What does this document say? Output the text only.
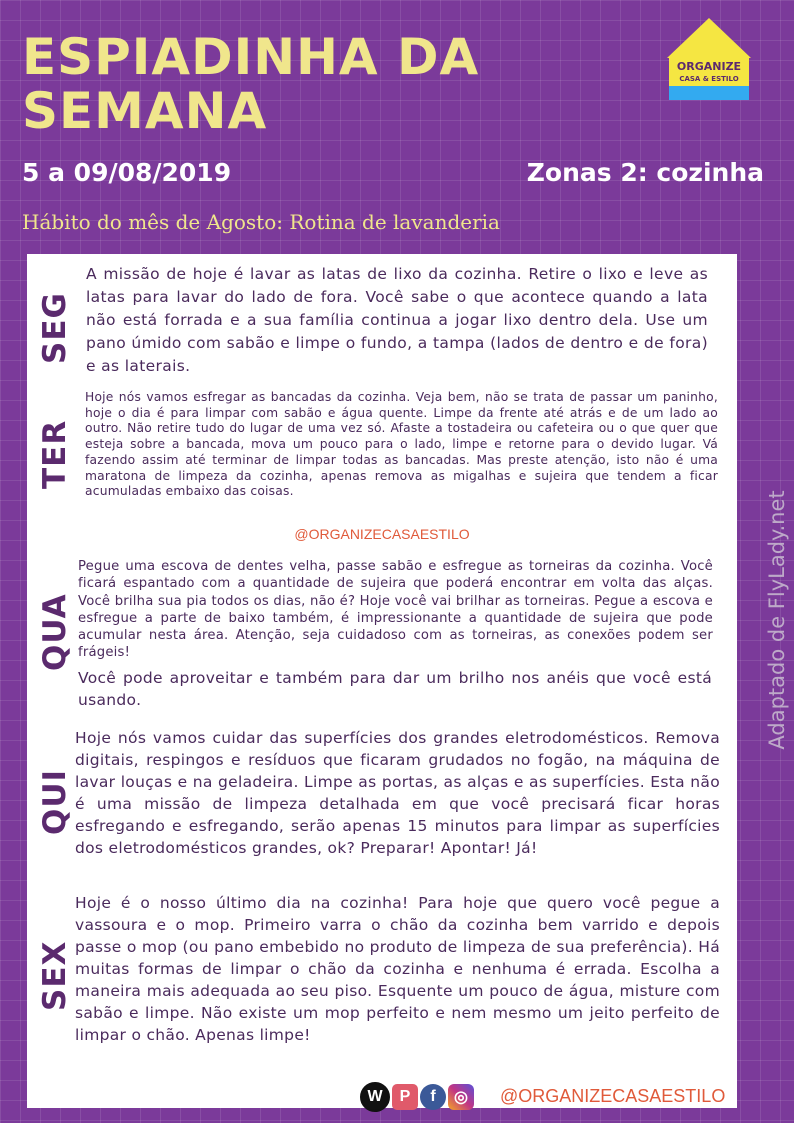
ESPIADINHA DA
SEMANA
ORGANIZE
CASA & ESTILO
5 a 09/08/2019	Zonas 2: cozinha
Hábito do mês de Agosto: Rotina de lavanderia
Adaptado de FlyLady.net
SEG

A missão de hoje é lavar as latas de lixo da cozinha. Retire o lixo e leve as latas para lavar do lado de fora. Você sabe o que acontece quando a lata não está forrada e a sua família continua a jogar lixo dentro dela. Use um pano úmido com sabão e limpe o fundo, a tampa (lados de dentro e de fora) e as laterais.

TER

Hoje nós vamos esfregar as bancadas da cozinha. Veja bem, não se trata de passar um paninho, hoje o dia é para limpar com sabão e água quente. Limpe da frente até atrás e de um lado ao outro. Não retire tudo do lugar de uma vez só. Afaste a tostadeira ou cafeteira ou o que quer que esteja sobre a bancada, mova um pouco para o lado, limpe e retorne para o devido lugar. Vá fazendo assim até terminar de limpar todas as bancadas. Mas preste atenção, isto não é uma maratona de limpeza da cozinha, apenas remova as migalhas e sujeira que tendem a ficar acumuladas embaixo das coisas.

@ORGANIZECASAESTILO
QUA

Pegue uma escova de dentes velha, passe sabão e esfregue as torneiras da cozinha. Você ficará espantado com a quantidade de sujeira que poderá encontrar em volta das alças. Você brilha sua pia todos os dias, não é? Hoje você vai brilhar as torneiras. Pegue a escova e esfregue a parte de baixo também, é impressionante a quantidade de sujeira que pode acumular nesta área. Atenção, seja cuidadoso com as torneiras, as conexões podem ser frágeis!

Você pode aproveitar e também para dar um brilho nos anéis que você está usando.

QUI

Hoje nós vamos cuidar das superfícies dos grandes eletrodomésticos. Remova digitais, respingos e resíduos que ficaram grudados no fogão, na máquina de lavar louças e na geladeira. Limpe as portas, as alças e as superfícies. Esta não é uma missão de limpeza detalhada em que você precisará ficar horas esfregando e esfregando, serão apenas 15 minutos para limpar as superfícies dos eletrodomésticos grandes, ok? Preparar! Apontar! Já!

SEX

Hoje é o nosso último dia na cozinha! Para hoje que quero você pegue a vassoura e o mop. Primeiro varra o chão da cozinha bem varrido e depois passe o mop (ou pano embebido no produto de limpeza de sua preferência). Há muitas formas de limpar o chão da cozinha e nenhuma é errada. Escolha a maneira mais adequada ao seu piso. Esquente um pouco de água, misture com sabão e limpe. Não existe um mop perfeito e nem mesmo um jeito perfeito de limpar o chão. Apenas limpe!

W	P	f	◎	@ORGANIZECASAESTILO
